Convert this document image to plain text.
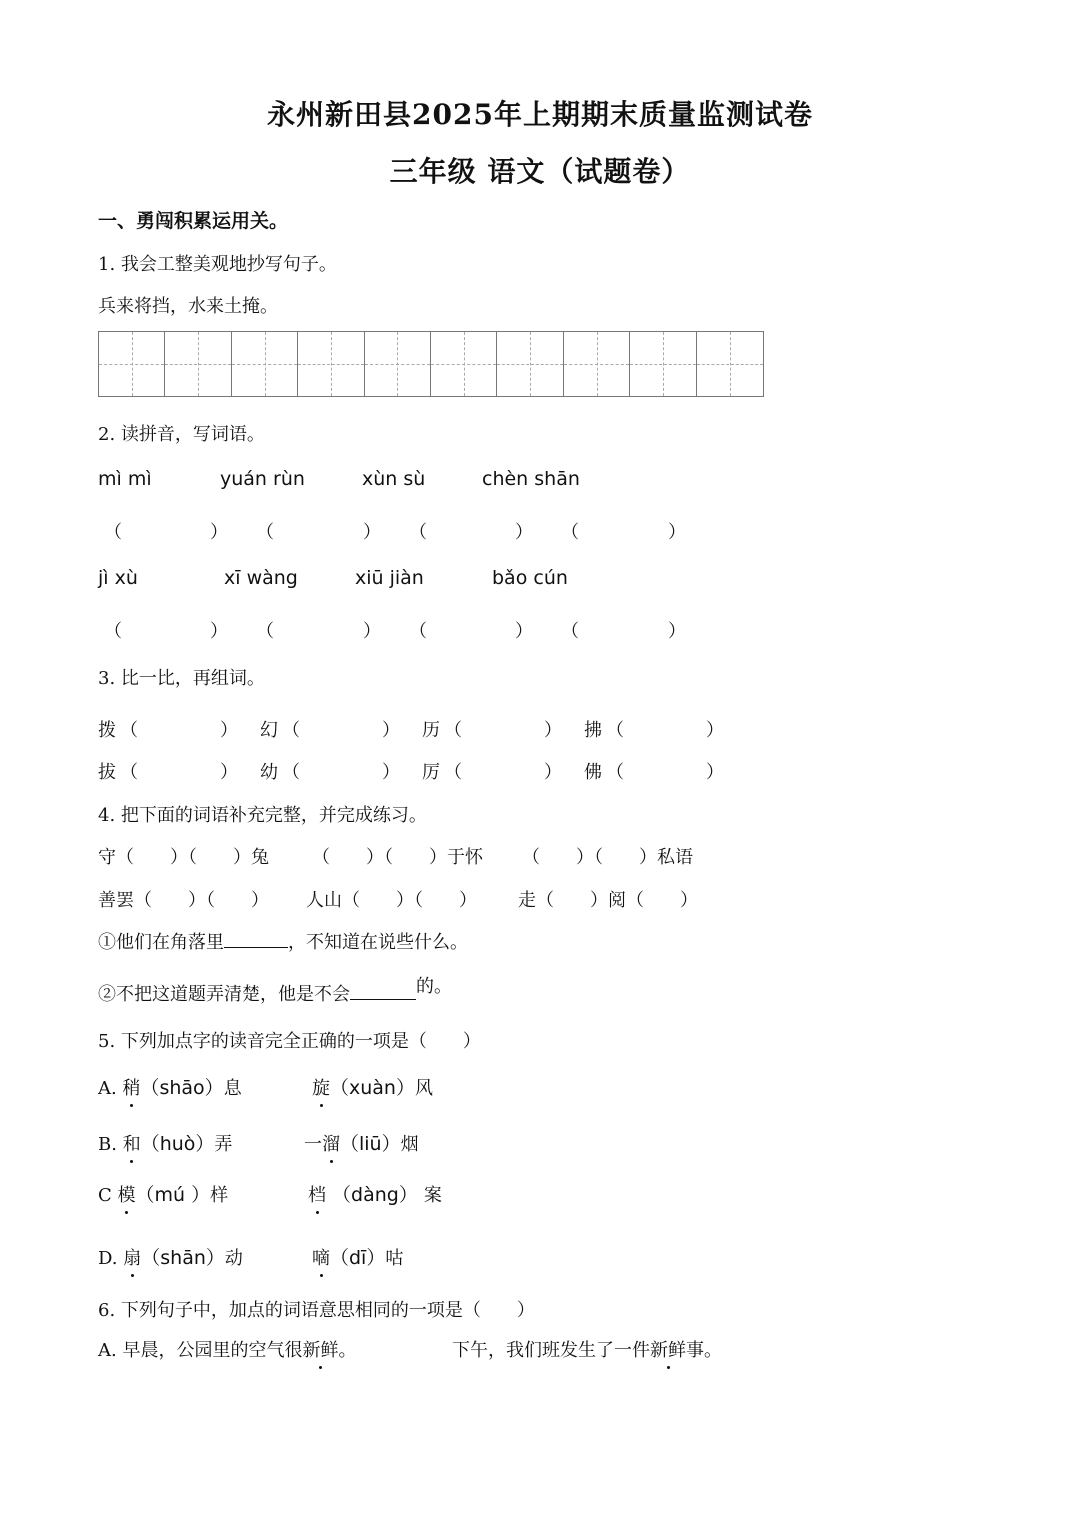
永州新田县2025年上期期末质量监测试卷
三年级 语文（试题卷）
一、勇闯积累运用关。
1. 我会工整美观地抄写句子。
兵来将挡，水来土掩。
2. 读拼音，写词语。
mì mì	yuán rùn	xùn sù	chèn shān
（	） （	） （	） （	）
jì xù	xī wàng	xiū jiàn	bǎo cún
（	） （	） （	） （	）
3. 比一比，再组词。
拨 （	） 幻 （	） 历 （	） 拂 （	）
拔 （	） 幼 （	） 厉 （	） 佛 （	）
4. 把下面的词语补充完整，并完成练习。
守（　　）（　　）兔 （　　）（　　）于怀 （　　）（　　）私语
善罢（　　）（　　） 人山（　　）（　　） 走（　　）阅（　　）
①他们在角落里	，不知道在说些什么。
②不把这道题弄清楚，他是不会	的。
5. 下列加点字的读音完全正确的一项是（　　）
A. 稍（shāo）息	旋（xuàn）风
B. 和（huò）弄	一溜（liū）烟
C 模（mú ）样	档 （dàng） 案
D. 扇（shān）动	嘀（dī）咕
6. 下列句子中，加点的词语意思相同的一项是（　　）
A. 早晨，公园里的空气很新鲜。	下午，我们班发生了一件新鲜事。
